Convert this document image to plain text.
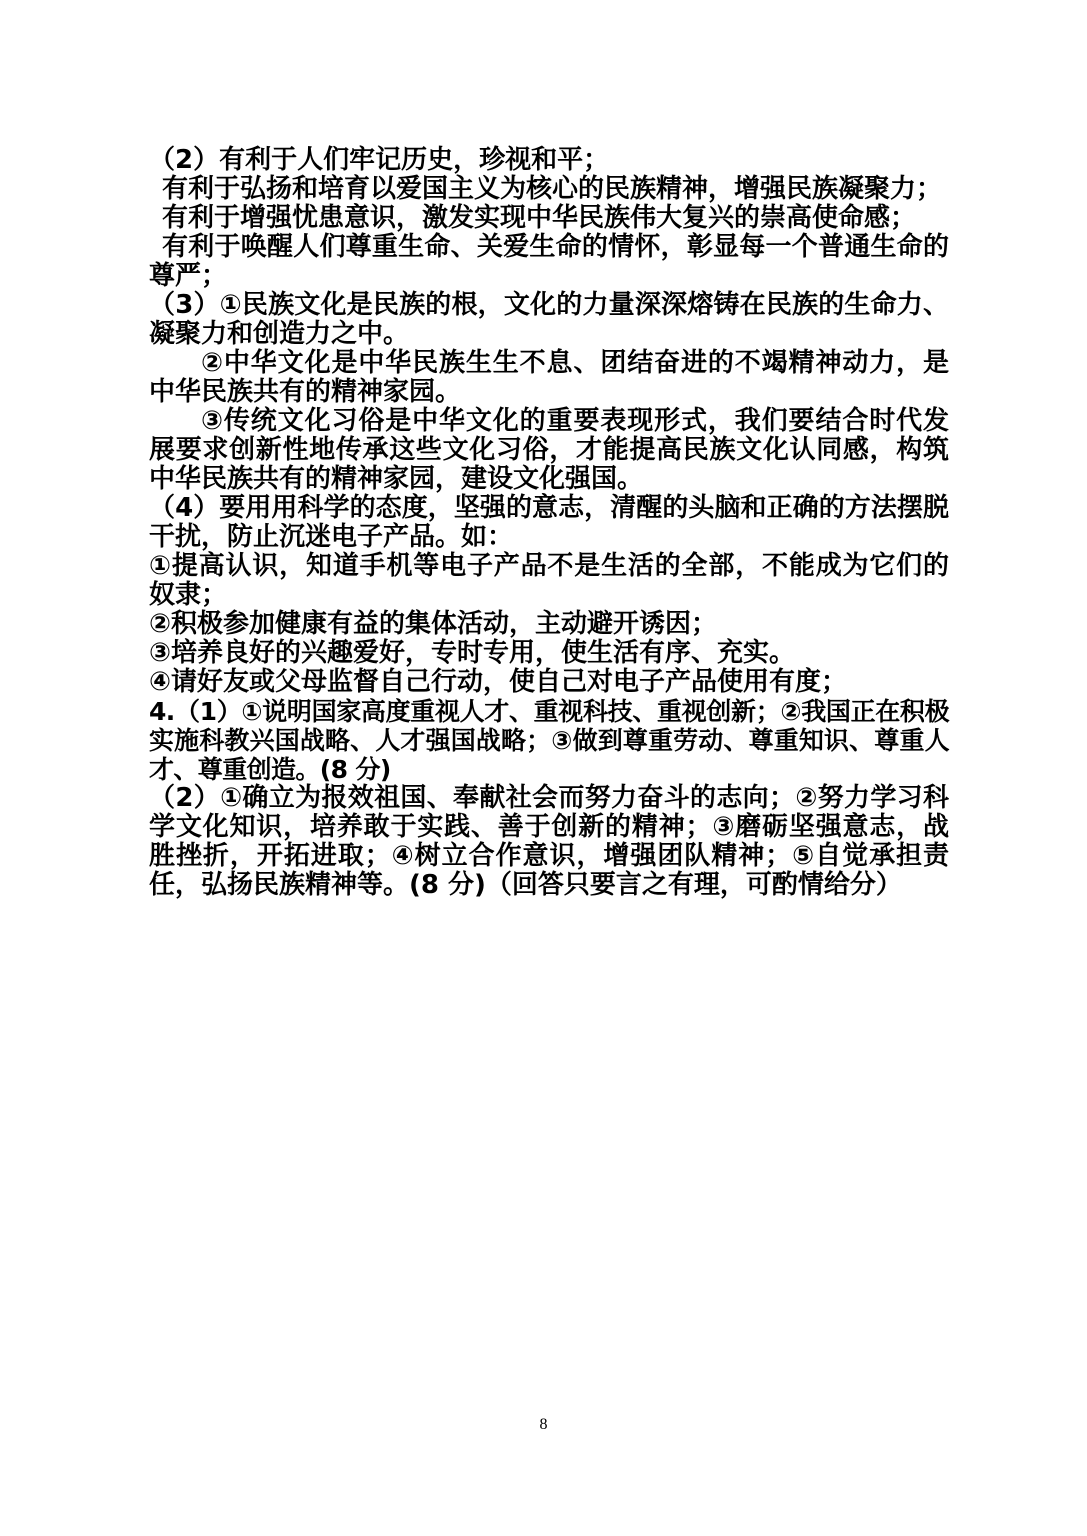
（2）有利于人们牢记历史，珍视和平；

有利于弘扬和培育以爱国主义为核心的民族精神，增强民族凝聚力；

有利于增强忧患意识，激发实现中华民族伟大复兴的崇高使命感；

有利于唤醒人们尊重生命、关爱生命的情怀，彰显每一个普通生命的尊严；

（3）①民族文化是民族的根，文化的力量深深熔铸在民族的生命力、凝聚力和创造力之中。

②中华文化是中华民族生生不息、团结奋进的不竭精神动力，是中华民族共有的精神家园。

③传统文化习俗是中华文化的重要表现形式，我们要结合时代发展要求创新性地传承这些文化习俗，才能提高民族文化认同感，构筑中华民族共有的精神家园，建设文化强国。

（4）要用用科学的态度，坚强的意志，清醒的头脑和正确的方法摆脱干扰，防止沉迷电子产品。如：

①提高认识，知道手机等电子产品不是生活的全部，不能成为它们的奴隶；

②积极参加健康有益的集体活动，主动避开诱因；

③培养良好的兴趣爱好，专时专用，使生活有序、充实。

④请好友或父母监督自己行动，使自己对电子产品使用有度；

4.（1）①说明国家高度重视人才、重视科技、重视创新；②我国正在积极实施科教兴国战略、人才强国战略；③做到尊重劳动、尊重知识、尊重人才、尊重创造。(8 分)

（2）①确立为报效祖国、奉献社会而努力奋斗的志向；②努力学习科学文化知识，培养敢于实践、善于创新的精神；③磨砺坚强意志，战胜挫折，开拓进取；④树立合作意识，增强团队精神；⑤自觉承担责任，弘扬民族精神等。(8 分)（回答只要言之有理，可酌情给分）

8
